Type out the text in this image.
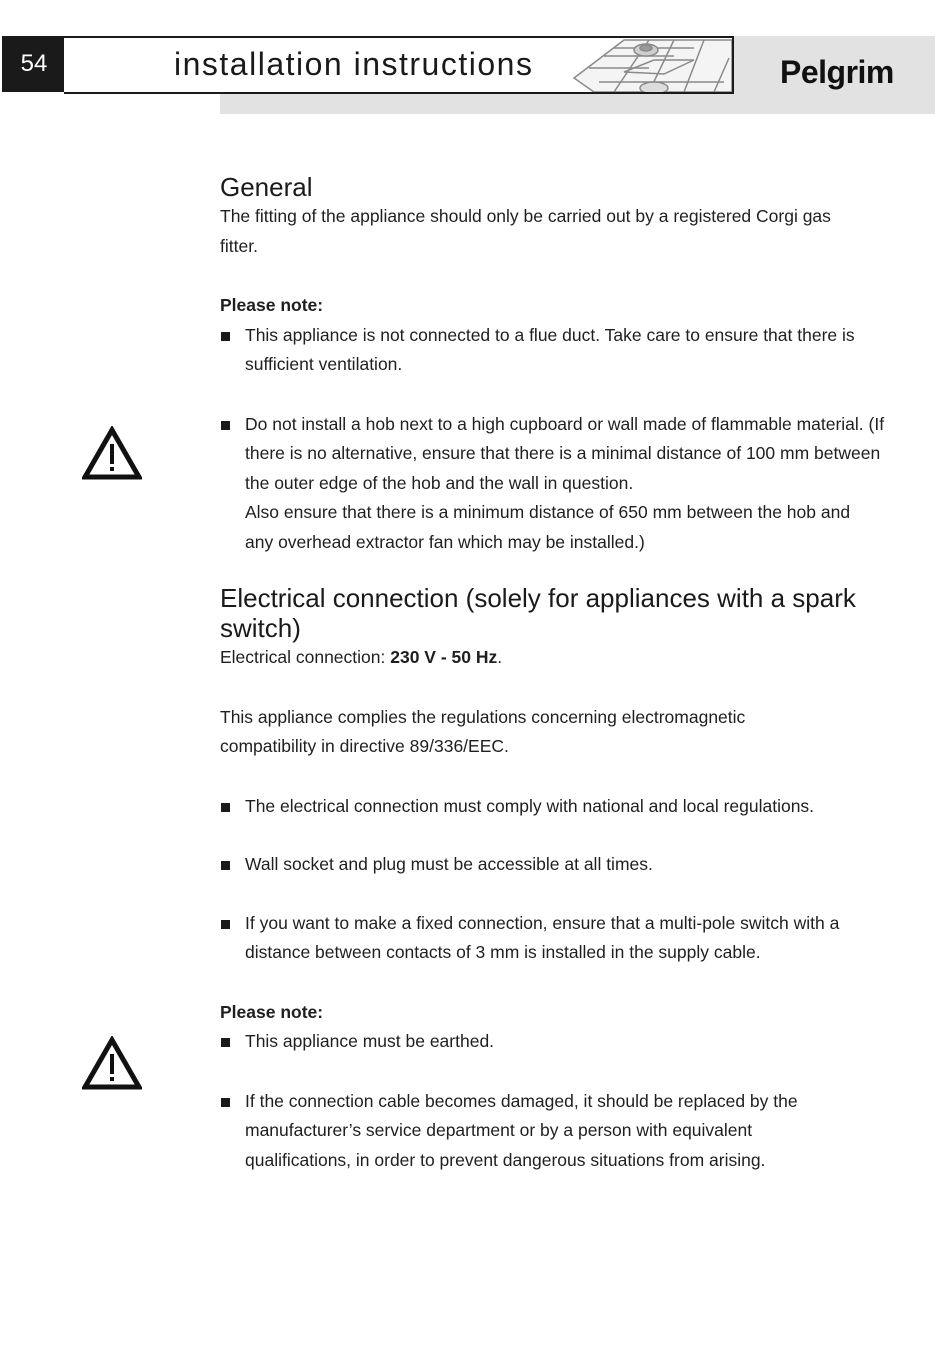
54	installation instructions	Pelgrim
General

The fitting of the appliance should only be carried out by a registered Corgi gas fitter.

Please note:

This appliance is not connected to a flue duct. Take care to ensure that there is sufficient ventilation.
Do not install a hob next to a high cupboard or wall made of flammable material. (If there is no alternative, ensure that there is a minimal distance of 100 mm between the outer edge of the hob and the wall in question.
Also ensure that there is a minimum distance of 650 mm between the hob and any overhead extractor fan which may be installed.)
Electrical connection (solely for appliances with a spark switch)

Electrical connection: 230 V - 50 Hz.

This appliance complies the regulations concerning electromagnetic compatibility in directive 89/336/EEC.

The electrical connection must comply with national and local regulations.
Wall socket and plug must be accessible at all times.
If you want to make a fixed connection, ensure that a multi-pole switch with a distance between contacts of 3 mm is installed in the supply cable.

Please note:

This appliance must be earthed.
If the connection cable becomes damaged, it should be replaced by the manufacturer’s service department or by a person with equivalent qualifications, in order to prevent dangerous situations from arising.
